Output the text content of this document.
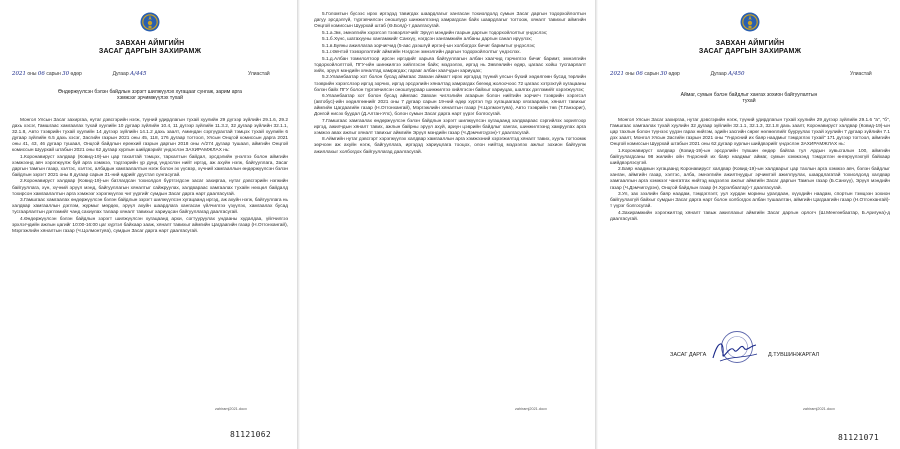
ЗАВХАН АЙМГИЙН
ЗАСАГ ДАРГЫН ЗАХИРАМЖ
2021 оны 06 сарын 30 өдөр	Дугаар А/445	Улиастай
Өндөржүүлсэн бэлэн байдлын зэрэгт шилжүүлэх хугацааг сунгаж, зарим арга хэмжээг эрчимжүүлэх тухай

Монгол Улсын Засаг захиргаа, нутаг дэвсгэрийн нэгж, түүний удирдлагын тухай хуулийн 29 дүгээр зүйлийн 29.1.6, 29.2 дахь хэсэг, Гамшгаас хамгаалах тухай хуулийн 10 дугаар зүйлийн 10.4, 11 дүгээр зүйлийн 11.3.2, 32 дугаар зүйлийн 32.1.1, 32.1.8, Авто тээврийн тухай хуулийн 14 дүгээр зүйлийн 14.1.2 дахь заалт, Аминдан сэргүүрахтай тэмцэх тухай хуулийн 6 дугаар зүйлийн 6.5 дахь хэсэг, Засгийн газрын 2021 оны 45, 118, 176 дугаар тогтоол, Улсын Онцгой комиссын дарга 2021 оны 41, 43, 46 дугаар тушаал, Онцгой байдлын ерөнхий газрын даргын 2018 оны А/274 дугаар тушаал, аймгийн Онцгой комиссын Шуурхай штабын 2021 оны 62 дугаар хурлын шийдвэрийг үндэслэн ЗАХИРАМЖЛАХ нь:

1.Коронавируст халдвар (Ковид-19)-ын цар тахалтай тэмцэх, тархалтын байдал, эрсдэлийн үнэлгээ болон аймгийн хэмжээнд авч хэрэгжүүлж буй арга хэмжээ, тэдгээрийн үр дүнд үндэслэн нийт иргэд, аж ахуйн нэгж, байгууллага, Засаг даргын тамгын газар, хэлтэс, хэлтэс, албадын хамгаалалтын нэгж болон эх үүсвэр, хүчний хамгааллын өндөржүүлсэн бэлэн байдлын зэрэгт 2021 оны 8 дугаар сарын 31-ний өдрийг дуустал сунгасугай.

2.Коронавируст халдвар (Ковид-19)-ын батлагдсан тохиолдол бүртгэгдсэн засаг захиргаа, нутаг дэвсгэрийн нэгжийн байгууллага, хүн, хүчний эрүүл мэнд, байгууллагын хяналтыг сайжруулах, халдвараас хамгаалах тухайн нөхцөл байдалд тохирсон хамгаалалтын арга хэмжээг хэрэгжүүлэх чиг үүргийг сумдын Засаг дарга нарт даалгасугай.

3.Гамшгаас хамгаалах өндөржүүлсэн бэлэн байдлын зэрэгт шилжүүлсэн хугацаанд иргэд, аж ахуйн нэгж, байгууллага нь халдвар хамгааллын дэглэм, журмыг мөрдөх, эрүүл ахуйн шаардлага хангасан үйлчилгээ үзүүлэх, хамгаалах бусад тусгаарлалтын дэглэмийг чанд сахиулах талаар хяналт тавихыг хариуцсан байгууллагад даалгасугай.

4.Өндөржүүлсэн бэлэн байдлын зэрэгт шилжүүлсэн хугацаанд архи, согтууруулах ундааны худалдаа, үйлчилгээ эрхлэгчдийн ажлын цагийг 10:00-16:00 цаг хүртэл байхаар зааж, хяналт тавихыг аймгийн Цагдаагийн газар (Н.Отгонхангай), Мэргэжлийн хяналтын газар (Ч.Цолмонтуяа), сумдын Засаг дарга нарт даалгасугай.

zahiramj2021.docx
81121062

5.Голомтын бүсээс ирэх иргэдэд тавигдах шаардлагыг хангасан тохиолдолд сумын Засаг даргын тодорхойлолтын дагуу эрсдэлгүй, түргэвчилсэн оношлуур шинжилгээнд хамрагдсан байх шаардлагыг тогтоож, хяналт тавихыг аймгийн Онцгой комиссын Шуурхай штаб (Ө.Болд)-т даалгасугай.

5.1.а.Эм, эмнэлгийн хэрэгсэл тээвэрлэгчийг Эрүүл мэндийн газрын даргын тодорхойлолтыг үндэслэх;

5.1.б.Хүнс, шатахууны хангамжийг Санхүү, нэгдсэн хангамжийн албаны даргын санал ирүүлэх;

5.1.в.Буяны ажиллагаа зорчигчид (5-аас дээшгүй иргэн)-ын холбогдох бичиг баримтыг үндэслэх;

5.1.г.Өвчтэй тээвэрлэлтийг аймгийн Нэгдсэн эмнэлгийн даргын тодорхойлолтыг үндэслэх.

5.1.д.Албан томилолтоор ирсэн иргэдийг харьяа байгууллагын албан хаагчид гэрчилгээ бичиг баримт, эмнэлгийн тодорхойлолттой, ПГУ-ийн шинжилгээ хийлгэсэн байх; мэдээлэх, иргэд нь Зөвлөлийн өдөр, цагаас хойш тусгаарлалт хийх, эрүүл мэндийн хяналтад хамрагдах; гарааг албан хаагчдын хариуцах;

5.2.Улаанбаатар хот болон бусад аймгаас Завхан аймагт ирэх иргэдэд түүний улсын бүхий хөдөлгөөн бусад төрлийн тээврийн хэрэгслээр иргэд зорчих, иргэд эрсдэлийн хяналтад хамрагдах бөгөөд жолоочоос 72 цагаас хэтрэхгүй хугацааны бэлэн байх ПГУ болон түргэвчилсэн оношлуураар шинжилгээ хийлгэсэн байхыг хариуцах, шалгах дэглэмийг хэрэгжүүлэх;

6.Улаанбаатар хот болон бусад аймгаас Завхан чиглэлийн агаарын болон нийтийн зорчигч тээврийн хэрэгсэл (автобус)-ийн хөдөлгөөнийг 2021 оны 7 дугаар сарын 19-ний өдөр хүртэл түр хугацаагаар хязгаарлаж, хяналт тавихыг аймгийн Цагдаагийн газар (Н.Отгонхангай), Мэргэжлийн хяналтын газар (Ч.Цолмонтуяа), Авто тээврийн төв (Т.Ганзориг), Донгой нисэх буудал (Д.Алтан-Улс), болон сумын Засаг дарга нарт үүрэг болгосугай.

7.Гамшгаас хамгаалах өндөржүүлсэн бэлэн байдлын зэрэгт шилжүүлсэн хугацаанд халдвараас сэргийлэх зорилгоор иргэд, ажилчдын хяналт тавих, ажлын байрны эрүүл ахуй, ариун цэврийн байдлыг хангах, шинжилгээнд хамруулах арга хэмжээ авах ажлыг хяналт тавихыг аймгийн Эрүүл мэндийн газар (Ч.Дэмчигсүрэн)-т даалгасугай.

8.Аймгийн нутаг дэвсгэрт хэрэгжүүлэх халдвар хамгааллын арга хэмжээний хэрэгжилтэд хяналт тавих, хууль тогтоомж зөрчсөн аж ахуйн нэгж, байгууллага, иргэдэд хариуцлага тооцох, олон нийтэд мэдээлэх ажлыг зохион байгуулж ажиллахыг холбогдох байгууллагад даалгасугай.

zahiramj2021.docx
ЗАВХАН АЙМГИЙН
ЗАСАГ ДАРГЫН ЗАХИРАМЖ
2021 оны 06 сарын 30 өдөр	Дугаар А/450	Улиастай
Аймаг, сумын бэлэн байдлыг хангах зохион байгуулалтын тухай

Монгол Улсын Засаг захиргаа, нутаг дэвсгэрийн нэгж, түүний удирдлагын тухай хуулийн 29 дүгээр зүйлийн 29.1.6 "а", "б", Гамшгаас хамгаалах тухай хуулийн 32 дугаар зүйлийн 32.1.1, 32.1.3, 32.1.8 дахь заалт, Коронавируст халдвар (Ковид-19)-ын цар тахлын болон түүнээс үүдэн гарах нийгэм, эдийн засгийн сөрөг нөлөөллийг бууруулах тухай хуулийн 7 дугаар зүйлийн 7.1 дэх заалт, Монгол Улсын Засгийн газрын 2021 оны "Үндэсний их баяр наадмыг тэмдэглэх тухай" 171 дүгээр тогтоол, аймгийн Онцгой комиссын Шуурхай штабын 2021 оны 62 дугаар хурлын шийдвэрийг үндэслэн ЗАХИРАМЖЛАХ нь:

1.Коронавируст халдвар (Ковид-19)-ын эрсдэлийн түвшин өндөр байгаа тул Ардын хувьсгалын 100, аймгийн байгуулагдсаны 98 жилийн ойн Үндэсний их баяр наадмыг аймаг, сумын хэмжээнд тэмдэглэн өнгөрүүлэхгүй байхаар шийдвэрлэсүгэй.

2.Баяр наадмын хугацаанд Коронавируст халдвар (Ковид-19)-ын халдварыг цар тахлын арга хэмжээ авч, бэлэн байдлыг ханган, аймгийн газар, хэлтэс, алба, эмнэлгийн ажилтнуудыг эрчимтэй ажиллуулах, шаардлагатай тохиолдолд халдвар хамгааллын арга хэмжээг чангатгах нийтэд мэдээлэх ажлыг аймгийн Засаг даргын Тамгын газар (Б.Санхүү), Эрүүл мэндийн газар (Ч.Дэмчигсүрэн), Онцгой байдлын газар (Н.Хурэлбаатар)-т даалгасугай.

3.Ул, зах зээлийн баяр наадам, тэмдэглэлт, уул хурдан морины уралдаан, хүүхдийн наадам, спортын тэмцээн зохион байгуулахгүй байхыг сумдын Засаг дарга нарт болон холбогдох албан тушаалтан, аймгийн Цагдаагийн газар (Н.Отгонхангай)-т үүрэг болгосугай.

4.Захирамжийн хэрэгжилтэд хяналт тавьж ажиллахыг аймгийн Засаг даргын орлогч (Ш.Менгөнбаатар, Б.Аригуна)-д даалгасугай.

ЗАСАГ ДАРГА	Д.ТУВШИНЖАРГАЛ
zahiramj2021.docx
81121071
